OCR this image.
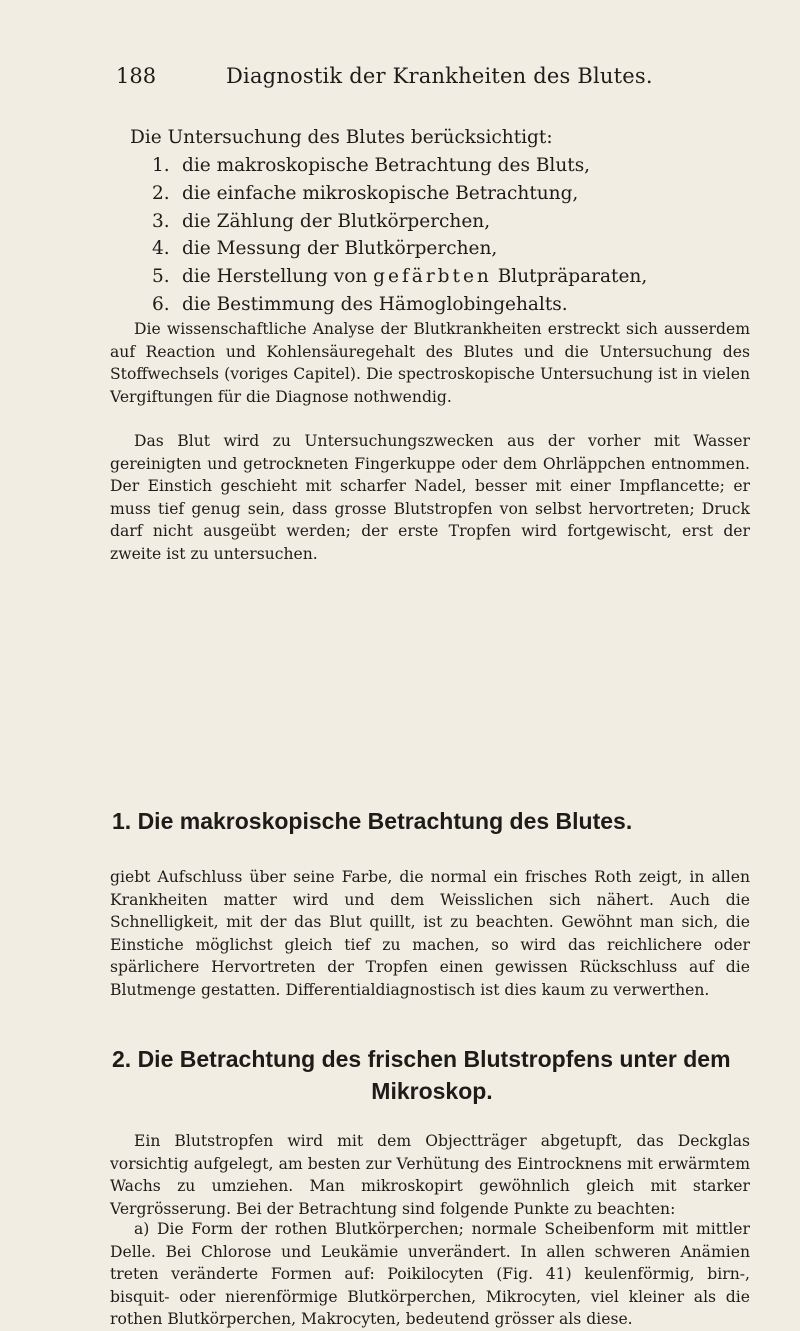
188	Diagnostik der Krankheiten des Blutes.
Die Untersuchung des Blutes berücksichtigt:
1. die makroskopische Betrachtung des Bluts,
2. die einfache mikroskopische Betrachtung,
3. die Zählung der Blutkörperchen,
4. die Messung der Blutkörperchen,
5. die Herstellung von gefärbten Blutpräparaten,
6. die Bestimmung des Hämoglobingehalts.

Die wissenschaftliche Analyse der Blutkrankheiten erstreckt sich ausserdem auf Reaction und Kohlensäuregehalt des Blutes und die Untersuchung des Stoffwechsels (voriges Capitel). Die spectroskopische Untersuchung ist in vielen Vergiftungen für die Diagnose nothwendig.

Das Blut wird zu Untersuchungszwecken aus der vorher mit Wasser gereinigten und getrockneten Fingerkuppe oder dem Ohrläppchen entnommen. Der Einstich geschieht mit scharfer Nadel, besser mit einer Impflancette; er muss tief genug sein, dass grosse Blutstropfen von selbst hervortreten; Druck darf nicht ausgeübt werden; der erste Tropfen wird fortgewischt, erst der zweite ist zu untersuchen.

1. Die makroskopische Betrachtung des Blutes.

giebt Aufschluss über seine Farbe, die normal ein frisches Roth zeigt, in allen Krankheiten matter wird und dem Weisslichen sich nähert. Auch die Schnelligkeit, mit der das Blut quillt, ist zu beachten. Gewöhnt man sich, die Einstiche möglichst gleich tief zu machen, so wird das reichlichere oder spärlichere Hervortreten der Tropfen einen gewissen Rückschluss auf die Blutmenge gestatten. Differentialdiagnostisch ist dies kaum zu verwerthen.

2. Die Betrachtung des frischen Blutstropfens unter dem
Mikroskop.

Ein Blutstropfen wird mit dem Objectträger abgetupft, das Deckglas vorsichtig aufgelegt, am besten zur Verhütung des Eintrocknens mit erwärmtem Wachs zu umziehen. Man mikroskopirt gewöhnlich gleich mit starker Vergrösserung. Bei der Betrachtung sind folgende Punkte zu beachten:

a) Die Form der rothen Blutkörperchen; normale Scheibenform mit mittler Delle. Bei Chlorose und Leukämie unverändert. In allen schweren Anämien treten veränderte Formen auf: Poikilocyten (Fig. 41) keulenförmig, birn-, bisquit- oder nierenförmige Blutkörperchen, Mikrocyten, viel kleiner als die rothen Blutkörperchen, Makrocyten, bedeutend grösser als diese.
